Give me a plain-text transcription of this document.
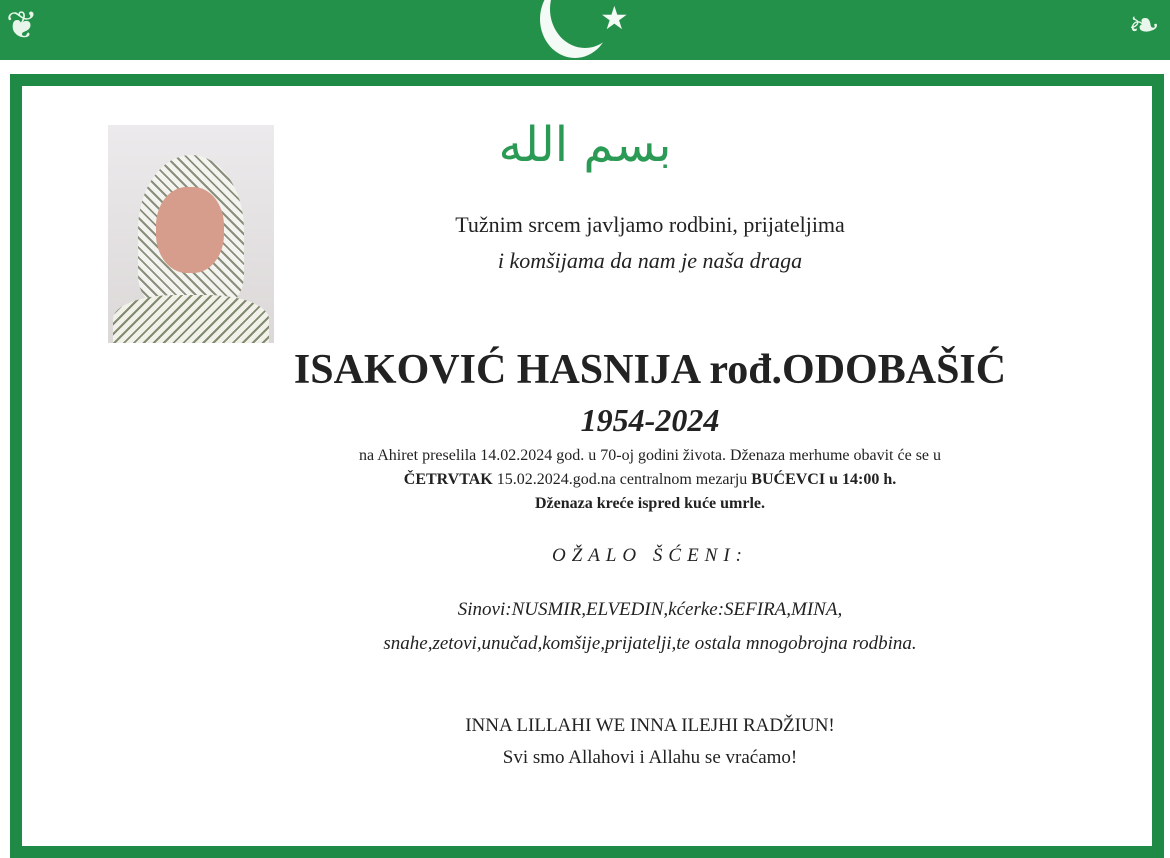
❦	★	❧
بسم الله
Tužnim srcem javljamo rodbini, prijateljima
i komšijama da nam je naša draga
ISAKOVIĆ HASNIJA rođ.ODOBAŠIĆ
1954-2024
na Ahiret preselila 14.02.2024 god. u 70-oj godini života. Dženaza merhume obavit će se u
ČETRVTAK 15.02.2024.god.na centralnom mezarju BUĆEVCI u 14:00 h.
Dženaza kreće ispred kuće umrle.
OŽALO ŠĆENI:
Sinovi:NUSMIR,ELVEDIN,kćerke:SEFIRA,MINA,
snahe,zetovi,unučad,komšije,prijatelji,te ostala mnogobrojna rodbina.
INNA LILLAHI WE INNA ILEJHI RADŽIUN!
Svi smo Allahovi i Allahu se vraćamo!
